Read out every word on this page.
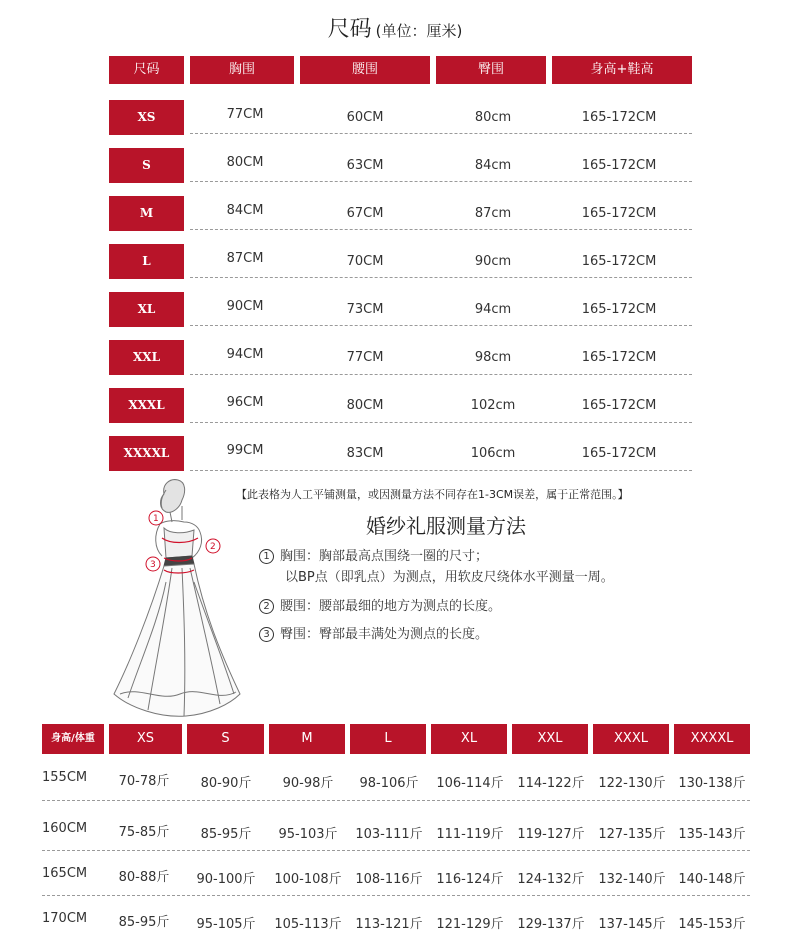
尺码 (单位：厘米)
尺码	胸围	腰围	臀围	身高+鞋高
XS	77CM	60CM	80cm	165-172CM
S	80CM	63CM	84cm	165-172CM
M	84CM	67CM	87cm	165-172CM
L	87CM	70CM	90cm	165-172CM
XL	90CM	73CM	94cm	165-172CM
XXL	94CM	77CM	98cm	165-172CM
XXXL	96CM	80CM	102cm	165-172CM
XXXXL	99CM	83CM	106cm	165-172CM
【此表格为人工平铺测量，或因测量方法不同存在1-3CM误差，属于正常范围。】
1
2
3
婚纱礼服测量方法
1 胸围：胸部最高点围绕一圈的尺寸；
以BP点（即乳点）为测点，用软皮尺绕体水平测量一周。
2 腰围：腰部最细的地方为测点的长度。
3 臀围：臀部最丰满处为测点的长度。
身高/体重	XS	S	M	L	XL	XXL	XXXL	XXXXL
155CM	70-78斤	80-90斤	90-98斤	98-106斤	106-114斤	114-122斤	122-130斤 130-138斤
160CM	75-85斤	85-95斤	95-103斤	103-111斤	111-119斤	119-127斤	127-135斤 135-143斤
165CM	80-88斤	90-100斤	100-108斤	108-116斤	116-124斤	124-132斤	132-140斤 140-148斤
170CM	85-95斤	95-105斤	105-113斤	113-121斤	121-129斤	129-137斤	137-145斤 145-153斤
